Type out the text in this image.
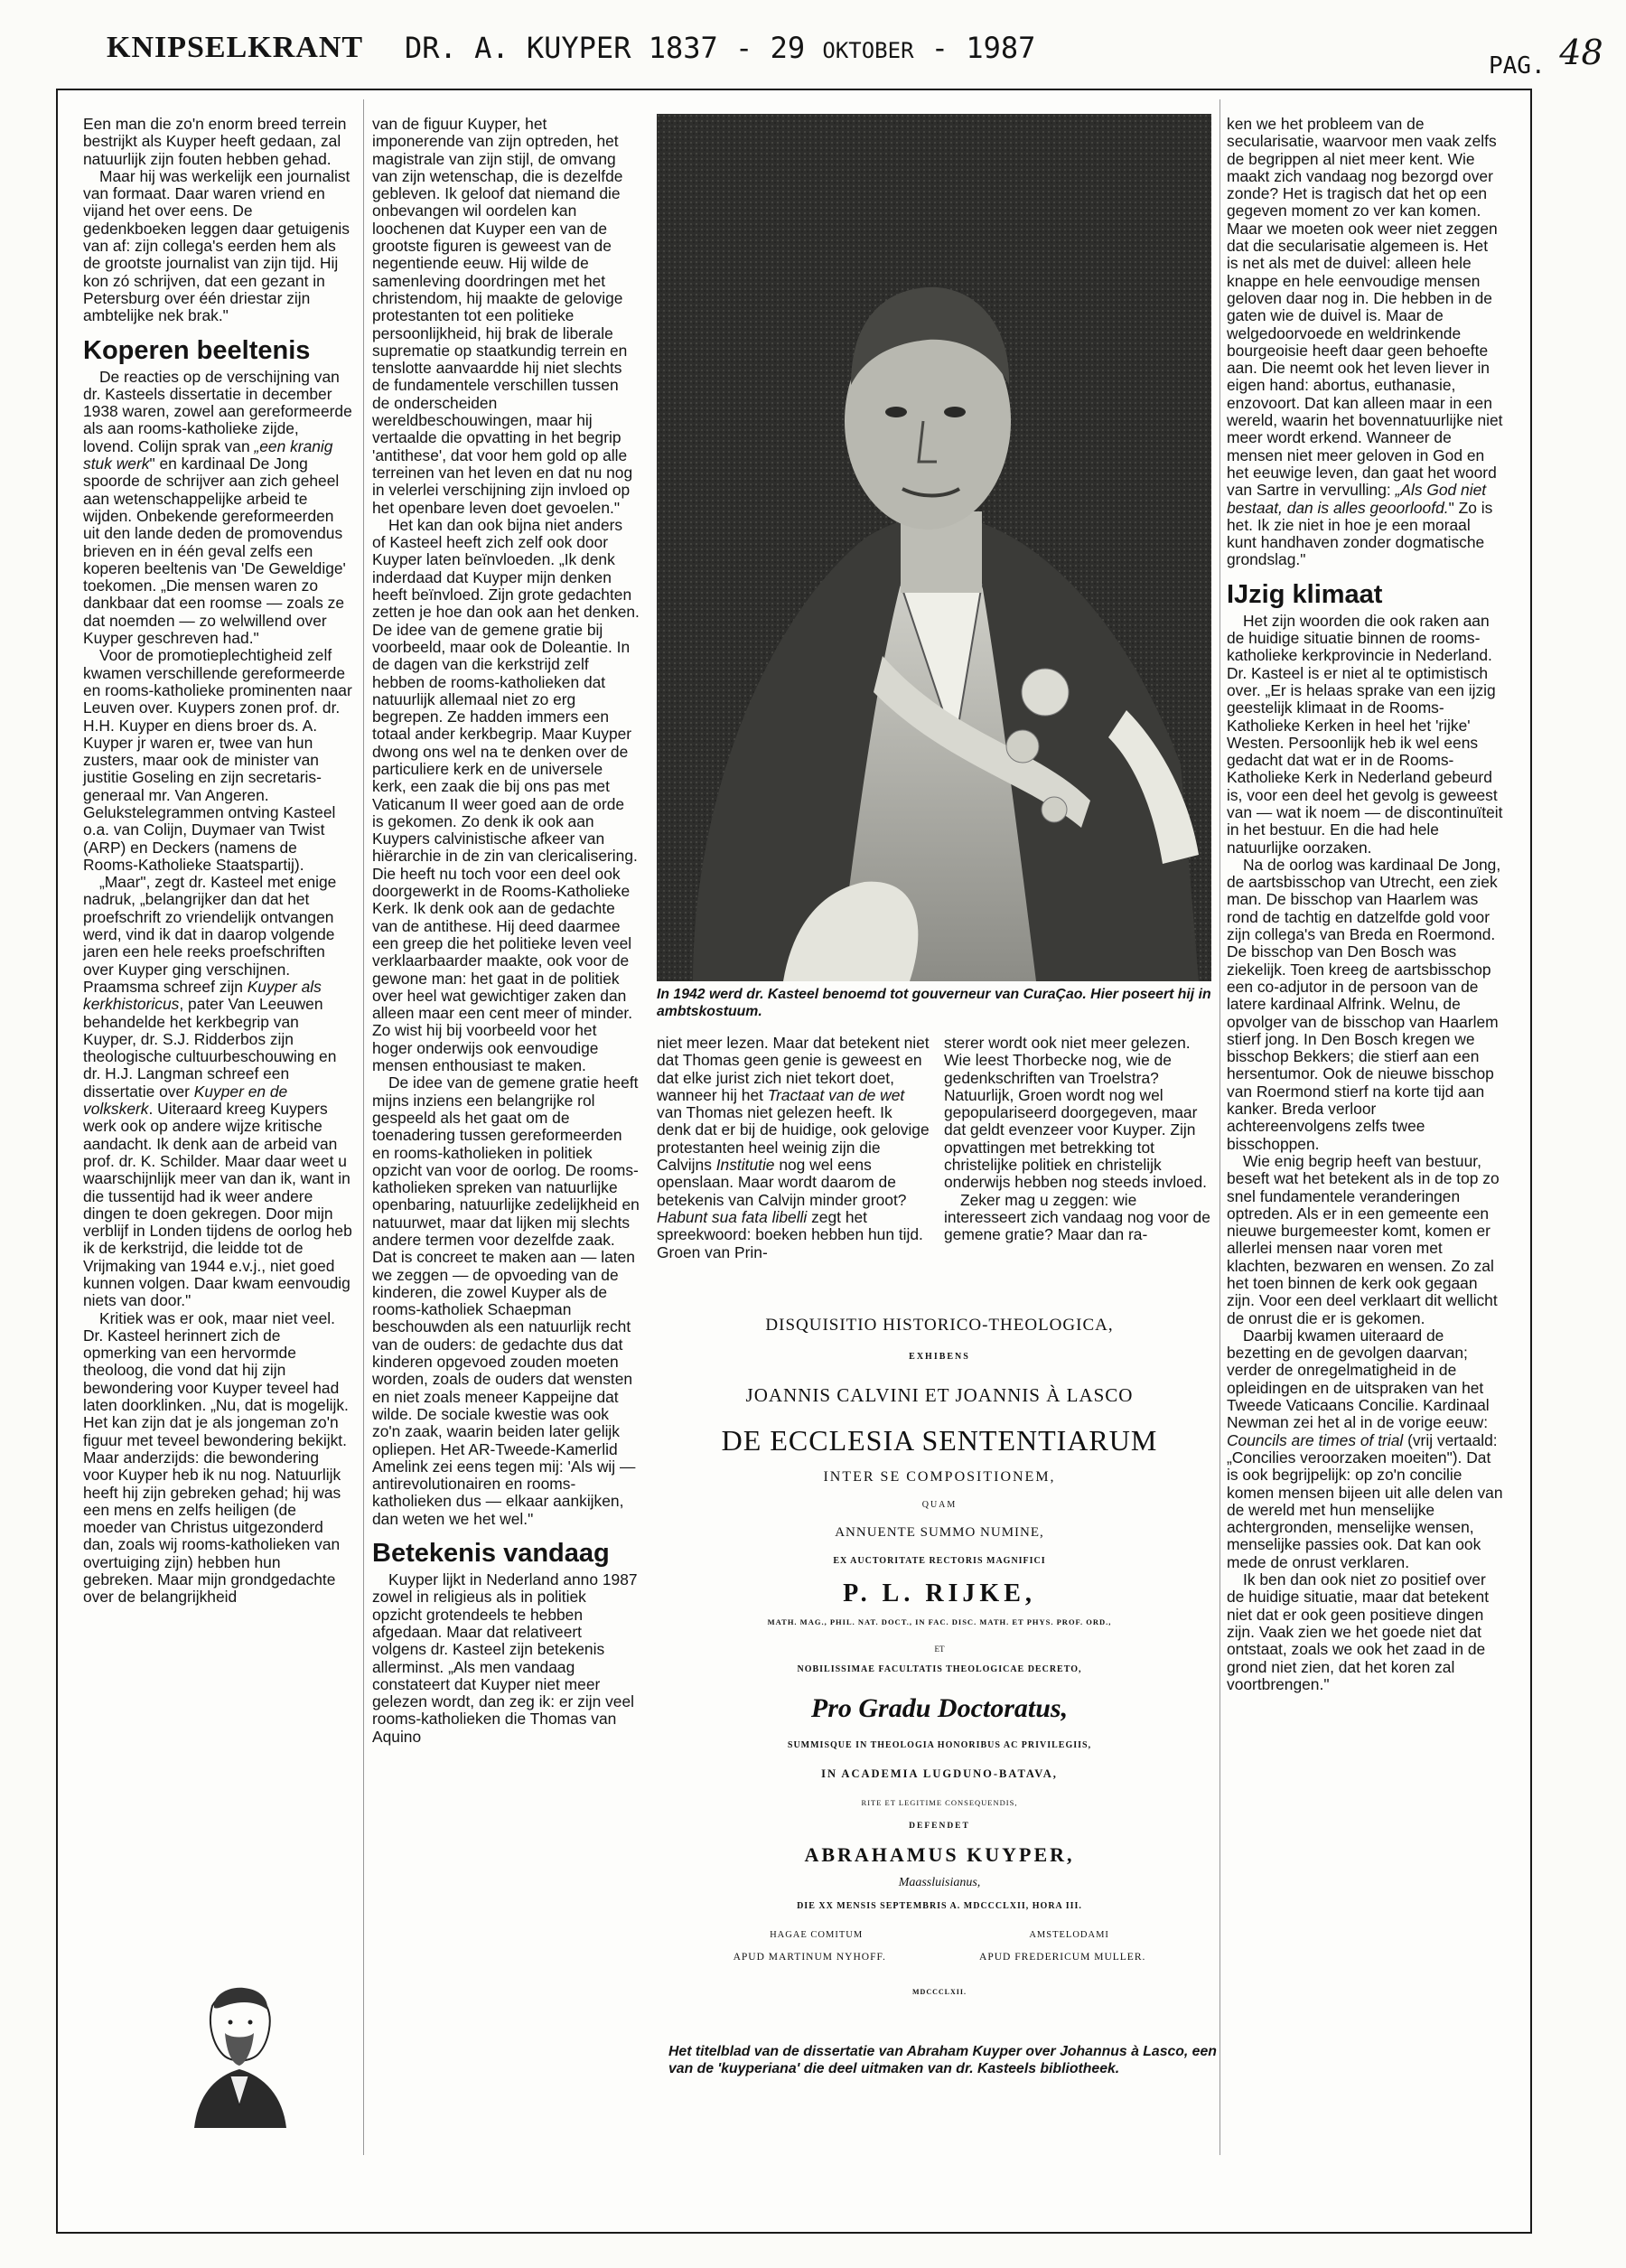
KNIPSELKRANT DR. A. KUYPER 1837 - 29 OKTOBER - 1987
PAG. 48

Een man die zo'n enorm breed terrein bestrijkt als Kuyper heeft gedaan, zal natuurlijk zijn fouten hebben gehad.

Maar hij was werkelijk een journalist van formaat. Daar waren vriend en vijand het over eens. De gedenkboeken leggen daar getuigenis van af: zijn collega's eerden hem als de grootste journalist van zijn tijd. Hij kon zó schrijven, dat een gezant in Petersburg over één driestar zijn ambtelijke nek brak."

Koperen beeltenis

De reacties op de verschijning van dr. Kasteels dissertatie in december 1938 waren, zowel aan gereformeerde als aan rooms-katholieke zijde, lovend. Colijn sprak van „een kranig stuk werk" en kardinaal De Jong spoorde de schrijver aan zich geheel aan wetenschappelijke arbeid te wijden. Onbekende gereformeerden uit den lande deden de promovendus brieven en in één geval zelfs een koperen beeltenis van 'De Geweldige' toekomen. „Die mensen waren zo dankbaar dat een roomse — zoals ze dat noemden — zo welwillend over Kuyper geschreven had."

Voor de promotieplechtigheid zelf kwamen verschillende gereformeerde en rooms-katholieke prominenten naar Leuven over. Kuypers zonen prof. dr. H.H. Kuyper en diens broer ds. A. Kuyper jr waren er, twee van hun zusters, maar ook de minister van justitie Goseling en zijn secretaris-generaal mr. Van Angeren. Gelukstelegrammen ontving Kasteel o.a. van Colijn, Duymaer van Twist (ARP) en Deckers (namens de Rooms-Katholieke Staatspartij).

„Maar", zegt dr. Kasteel met enige nadruk, „belangrijker dan dat het proefschrift zo vriendelijk ontvangen werd, vind ik dat in daarop volgende jaren een hele reeks proefschriften over Kuyper ging verschijnen. Praamsma schreef zijn Kuyper als kerkhistoricus, pater Van Leeuwen behandelde het kerkbegrip van Kuyper, dr. S.J. Ridderbos zijn theologische cultuurbeschouwing en dr. H.J. Langman schreef een dissertatie over Kuyper en de volkskerk. Uiteraard kreeg Kuypers werk ook op andere wijze kritische aandacht. Ik denk aan de arbeid van prof. dr. K. Schilder. Maar daar weet u waarschijnlijk meer van dan ik, want in die tussentijd had ik weer andere dingen te doen gekregen. Door mijn verblijf in Londen tijdens de oorlog heb ik de kerkstrijd, die leidde tot de Vrijmaking van 1944 e.v.j., niet goed kunnen volgen. Daar kwam eenvoudig niets van door."

Kritiek was er ook, maar niet veel. Dr. Kasteel herinnert zich de opmerking van een hervormde theoloog, die vond dat hij zijn bewondering voor Kuyper teveel had laten doorklinken. „Nu, dat is mogelijk. Het kan zijn dat je als jongeman zo'n figuur met teveel bewondering bekijkt. Maar anderzijds: die bewondering voor Kuyper heb ik nu nog. Natuurlijk heeft hij zijn gebreken gehad; hij was een mens en zelfs heiligen (de moeder van Christus uitgezonderd dan, zoals wij rooms-katholieken van overtuiging zijn) hebben hun gebreken. Maar mijn grondgedachte over de belangrijkheid

van de figuur Kuyper, het imponerende van zijn optreden, het magistrale van zijn stijl, de omvang van zijn wetenschap, die is dezelfde gebleven. Ik geloof dat niemand die onbevangen wil oordelen kan loochenen dat Kuyper een van de grootste figuren is geweest van de negentiende eeuw. Hij wilde de samenleving doordringen met het christendom, hij maakte de gelovige protestanten tot een politieke persoonlijkheid, hij brak de liberale suprematie op staatkundig terrein en tenslotte aanvaardde hij niet slechts de fundamentele verschillen tussen de onderscheiden wereldbeschouwingen, maar hij vertaalde die opvatting in het begrip 'antithese', dat voor hem gold op alle terreinen van het leven en dat nu nog in velerlei verschijning zijn invloed op het openbare leven doet gevoelen."

Het kan dan ook bijna niet anders of Kasteel heeft zich zelf ook door Kuyper laten beïnvloeden. „Ik denk inderdaad dat Kuyper mijn denken heeft beïnvloed. Zijn grote gedachten zetten je hoe dan ook aan het denken. De idee van de gemene gratie bij voorbeeld, maar ook de Doleantie. In de dagen van die kerkstrijd zelf hebben de rooms-katholieken dat natuurlijk allemaal niet zo erg begrepen. Ze hadden immers een totaal ander kerkbegrip. Maar Kuyper dwong ons wel na te denken over de particuliere kerk en de universele kerk, een zaak die bij ons pas met Vaticanum II weer goed aan de orde is gekomen. Zo denk ik ook aan Kuypers calvinistische afkeer van hiërarchie in de zin van clericalisering. Die heeft nu toch voor een deel ook doorgewerkt in de Rooms-Katholieke Kerk. Ik denk ook aan de gedachte van de antithese. Hij deed daarmee een greep die het politieke leven veel verklaarbaarder maakte, ook voor de gewone man: het gaat in de politiek over heel wat gewichtiger zaken dan alleen maar een cent meer of minder. Zo wist hij bij voorbeeld voor het hoger onderwijs ook eenvoudige mensen enthousiast te maken.

De idee van de gemene gratie heeft mijns inziens een belangrijke rol gespeeld als het gaat om de toenadering tussen gereformeerden en rooms-katholieken in politiek opzicht van voor de oorlog. De rooms-katholieken spreken van natuurlijke openbaring, natuurlijke zedelijkheid en natuurwet, maar dat lijken mij slechts andere termen voor dezelfde zaak. Dat is concreet te maken aan — laten we zeggen — de opvoeding van de kinderen, die zowel Kuyper als de rooms-katholiek Schaepman beschouwden als een natuurlijk recht van de ouders: de gedachte dus dat kinderen opgevoed zouden moeten worden, zoals de ouders dat wensten en niet zoals meneer Kappeijne dat wilde. De sociale kwestie was ook zo'n zaak, waarin beiden later gelijk opliepen. Het AR-Tweede-Kamerlid Amelink zei eens tegen mij: 'Als wij — antirevolutionairen en rooms-katholieken dus — elkaar aankijken, dan weten we het wel."

Betekenis vandaag

Kuyper lijkt in Nederland anno 1987 zowel in religieus als in politiek opzicht grotendeels te hebben afgedaan. Maar dat relativeert volgens dr. Kasteel zijn betekenis allerminst. „Als men vandaag constateert dat Kuyper niet meer gelezen wordt, dan zeg ik: er zijn veel rooms-katholieken die Thomas van Aquino

In 1942 werd dr. Kasteel benoemd tot gouverneur van CuraÇao. Hier poseert hij in ambtskostuum.

niet meer lezen. Maar dat betekent niet dat Thomas geen genie is geweest en dat elke jurist zich niet tekort doet, wanneer hij het Tractaat van de wet van Thomas niet gelezen heeft. Ik denk dat er bij de huidige, ook gelovige protestanten heel weinig zijn die Calvijns Institutie nog wel eens openslaan. Maar wordt daarom de betekenis van Calvijn minder groot? Habunt sua fata libelli zegt het spreekwoord: boeken hebben hun tijd. Groen van Prin-

sterer wordt ook niet meer gelezen. Wie leest Thorbecke nog, wie de gedenkschriften van Troelstra? Natuurlijk, Groen wordt nog wel gepopulariseerd doorgegeven, maar dat geldt evenzeer voor Kuyper. Zijn opvattingen met betrekking tot christelijke politiek en christelijk onderwijs hebben nog steeds invloed.

Zeker mag u zeggen: wie interesseert zich vandaag nog voor de gemene gratie? Maar dan ra-

DISQUISITIO HISTORICO-THEOLOGICA,
EXHIBENS
JOANNIS CALVINI ET JOANNIS À LASCO
DE ECCLESIA SENTENTIARUM
INTER SE COMPOSITIONEM,
QUAM
ANNUENTE SUMMO NUMINE,
EX AUCTORITATE RECTORIS MAGNIFICI
P. L. RIJKE,
MATH. MAG., PHIL. NAT. DOCT., IN FAC. DISC. MATH. ET PHYS. PROF. ORD.,
ET
NOBILISSIMAE FACULTATIS THEOLOGICAE DECRETO,
Pro Gradu Doctoratus,
SUMMISQUE IN THEOLOGIA HONORIBUS AC PRIVILEGIIS,
IN ACADEMIA LUGDUNO-BATAVA,
RITE ET LEGITIME CONSEQUENDIS,
DEFENDET
ABRAHAMUS KUYPER,
Maassluisianus,
DIE XX MENSIS SEPTEMBRIS A. MDCCCLXII, HORA III.
HAGAE COMITUM	AMSTELODAMI
APUD MARTINUM NYHOFF.	APUD FREDERICUM MULLER.
MDCCCLXII.
Het titelblad van de dissertatie van Abraham Kuyper over Johannus à Lasco, een van de 'kuyperiana' die deel uitmaken van dr. Kasteels bibliotheek.

ken we het probleem van de secularisatie, waarvoor men vaak zelfs de begrippen al niet meer kent. Wie maakt zich vandaag nog bezorgd over zonde? Het is tragisch dat het op een gegeven moment zo ver kan komen. Maar we moeten ook weer niet zeggen dat die secularisatie algemeen is. Het is net als met de duivel: alleen hele knappe en hele eenvoudige mensen geloven daar nog in. Die hebben in de gaten wie de duivel is. Maar de welgedoorvoede en weldrinkende bourgeoisie heeft daar geen behoefte aan. Die neemt ook het leven liever in eigen hand: abortus, euthanasie, enzovoort. Dat kan alleen maar in een wereld, waarin het bovennatuurlijke niet meer wordt erkend. Wanneer de mensen niet meer geloven in God en het eeuwige leven, dan gaat het woord van Sartre in vervulling: „Als God niet bestaat, dan is alles geoorloofd." Zo is het. Ik zie niet in hoe je een moraal kunt handhaven zonder dogmatische grondslag."

IJzig klimaat

Het zijn woorden die ook raken aan de huidige situatie binnen de rooms-katholieke kerkprovincie in Nederland. Dr. Kasteel is er niet al te optimistisch over. „Er is helaas sprake van een ijzig geestelijk klimaat in de Rooms-Katholieke Kerken in heel het 'rijke' Westen. Persoonlijk heb ik wel eens gedacht dat wat er in de Rooms-Katholieke Kerk in Nederland gebeurd is, voor een deel het gevolg is geweest van — wat ik noem — de discontinuïteit in het bestuur. En die had hele natuurlijke oorzaken.

Na de oorlog was kardinaal De Jong, de aartsbisschop van Utrecht, een ziek man. De bisschop van Haarlem was rond de tachtig en datzelfde gold voor zijn collega's van Breda en Roermond. De bisschop van Den Bosch was ziekelijk. Toen kreeg de aartsbisschop een co-adjutor in de persoon van de latere kardinaal Alfrink. Welnu, de opvolger van de bisschop van Haarlem stierf jong. In Den Bosch kregen we bisschop Bekkers; die stierf aan een hersentumor. Ook de nieuwe bisschop van Roermond stierf na korte tijd aan kanker. Breda verloor achtereenvolgens zelfs twee bisschoppen.

Wie enig begrip heeft van bestuur, beseft wat het betekent als in de top zo snel fundamentele veranderingen optreden. Als er in een gemeente een nieuwe burgemeester komt, komen er allerlei mensen naar voren met klachten, bezwaren en wensen. Zo zal het toen binnen de kerk ook gegaan zijn. Voor een deel verklaart dit wellicht de onrust die er is gekomen.

Daarbij kwamen uiteraard de bezetting en de gevolgen daarvan; verder de onregelmatigheid in de opleidingen en de uitspraken van het Tweede Vaticaans Concilie. Kardinaal Newman zei het al in de vorige eeuw: Councils are times of trial (vrij vertaald: „Concilies veroorzaken moeiten"). Dat is ook begrijpelijk: op zo'n concilie komen mensen bijeen uit alle delen van de wereld met hun menselijke achtergronden, menselijke wensen, menselijke passies ook. Dat kan ook mede de onrust verklaren.

Ik ben dan ook niet zo positief over de huidige situatie, maar dat betekent niet dat er ook geen positieve dingen zijn. Vaak zien we het goede niet dat ontstaat, zoals we ook het zaad in de grond niet zien, dat het koren zal voortbrengen."
